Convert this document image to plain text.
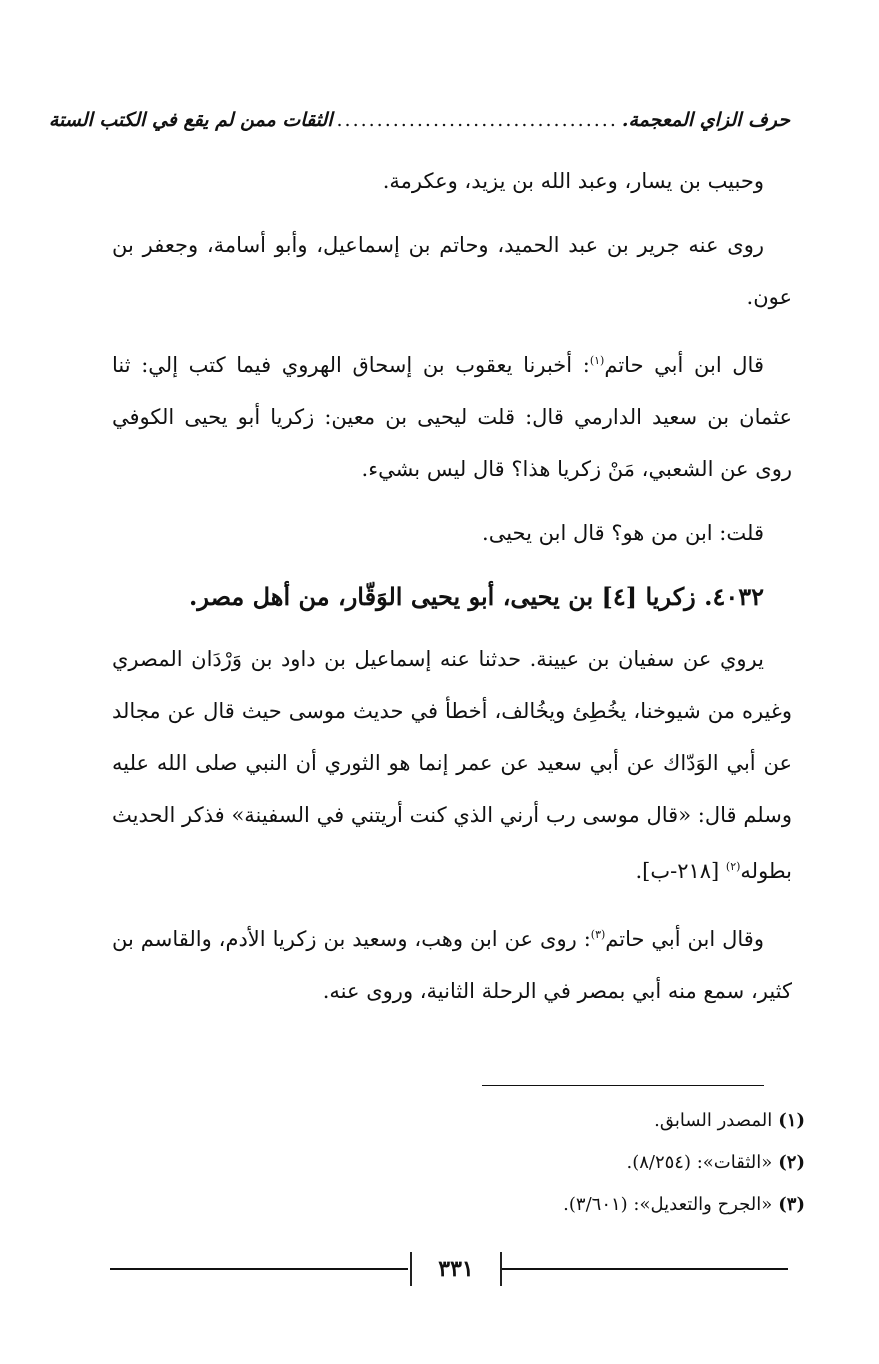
حرف الزاي المعجمة.
...................................
الثقات ممن لم يقع في الكتب الستة

وحبيب بن يسار، وعبد الله بن يزيد، وعكرمة.

روى عنه جرير بن عبد الحميد، وحاتم بن إسماعيل، وأبو أسامة، وجعفر بن عون.

قال ابن أبي حاتم$^{(١)}$: أخبرنا يعقوب بن إسحاق الهروي فيما كتب إلي: ثنا عثمان بن سعيد الدارمي قال: قلت ليحيى بن معين: زكريا أبو يحيى الكوفي روى عن الشعبي، مَنْ زكريا هذا؟ قال ليس بشيء.

قلت: ابن من هو؟ قال ابن يحيى.

٤٠٣٢. زكريا [٤] بن يحيى، أبو يحيى الوَقّار، من أهل مصر.

يروي عن سفيان بن عيينة. حدثنا عنه إسماعيل بن داود بن وَرْدَان المصري وغيره من شيوخنا، يخُطِئ ويخُالف، أخطأ في حديث موسى حيث قال عن مجالد عن أبي الوَدّاك عن أبي سعيد عن عمر إنما هو الثوري أن النبي صلى الله عليه وسلم قال: «قال موسى رب أرني الذي كنت أريتني في السفينة» فذكر الحديث بطوله$^{(٢)}$ [٢١٨-ب].

وقال ابن أبي حاتم$^{(٣)}$: روى عن ابن وهب، وسعيد بن زكريا الأدم، والقاسم بن كثير، سمع منه أبي بمصر في الرحلة الثانية، وروى عنه.

(١)المصدر السابق.
(٢)«الثقات»: (٨/٢٥٤).
(٣)«الجرح والتعديل»: (٣/٦٠١).
٣٣١
